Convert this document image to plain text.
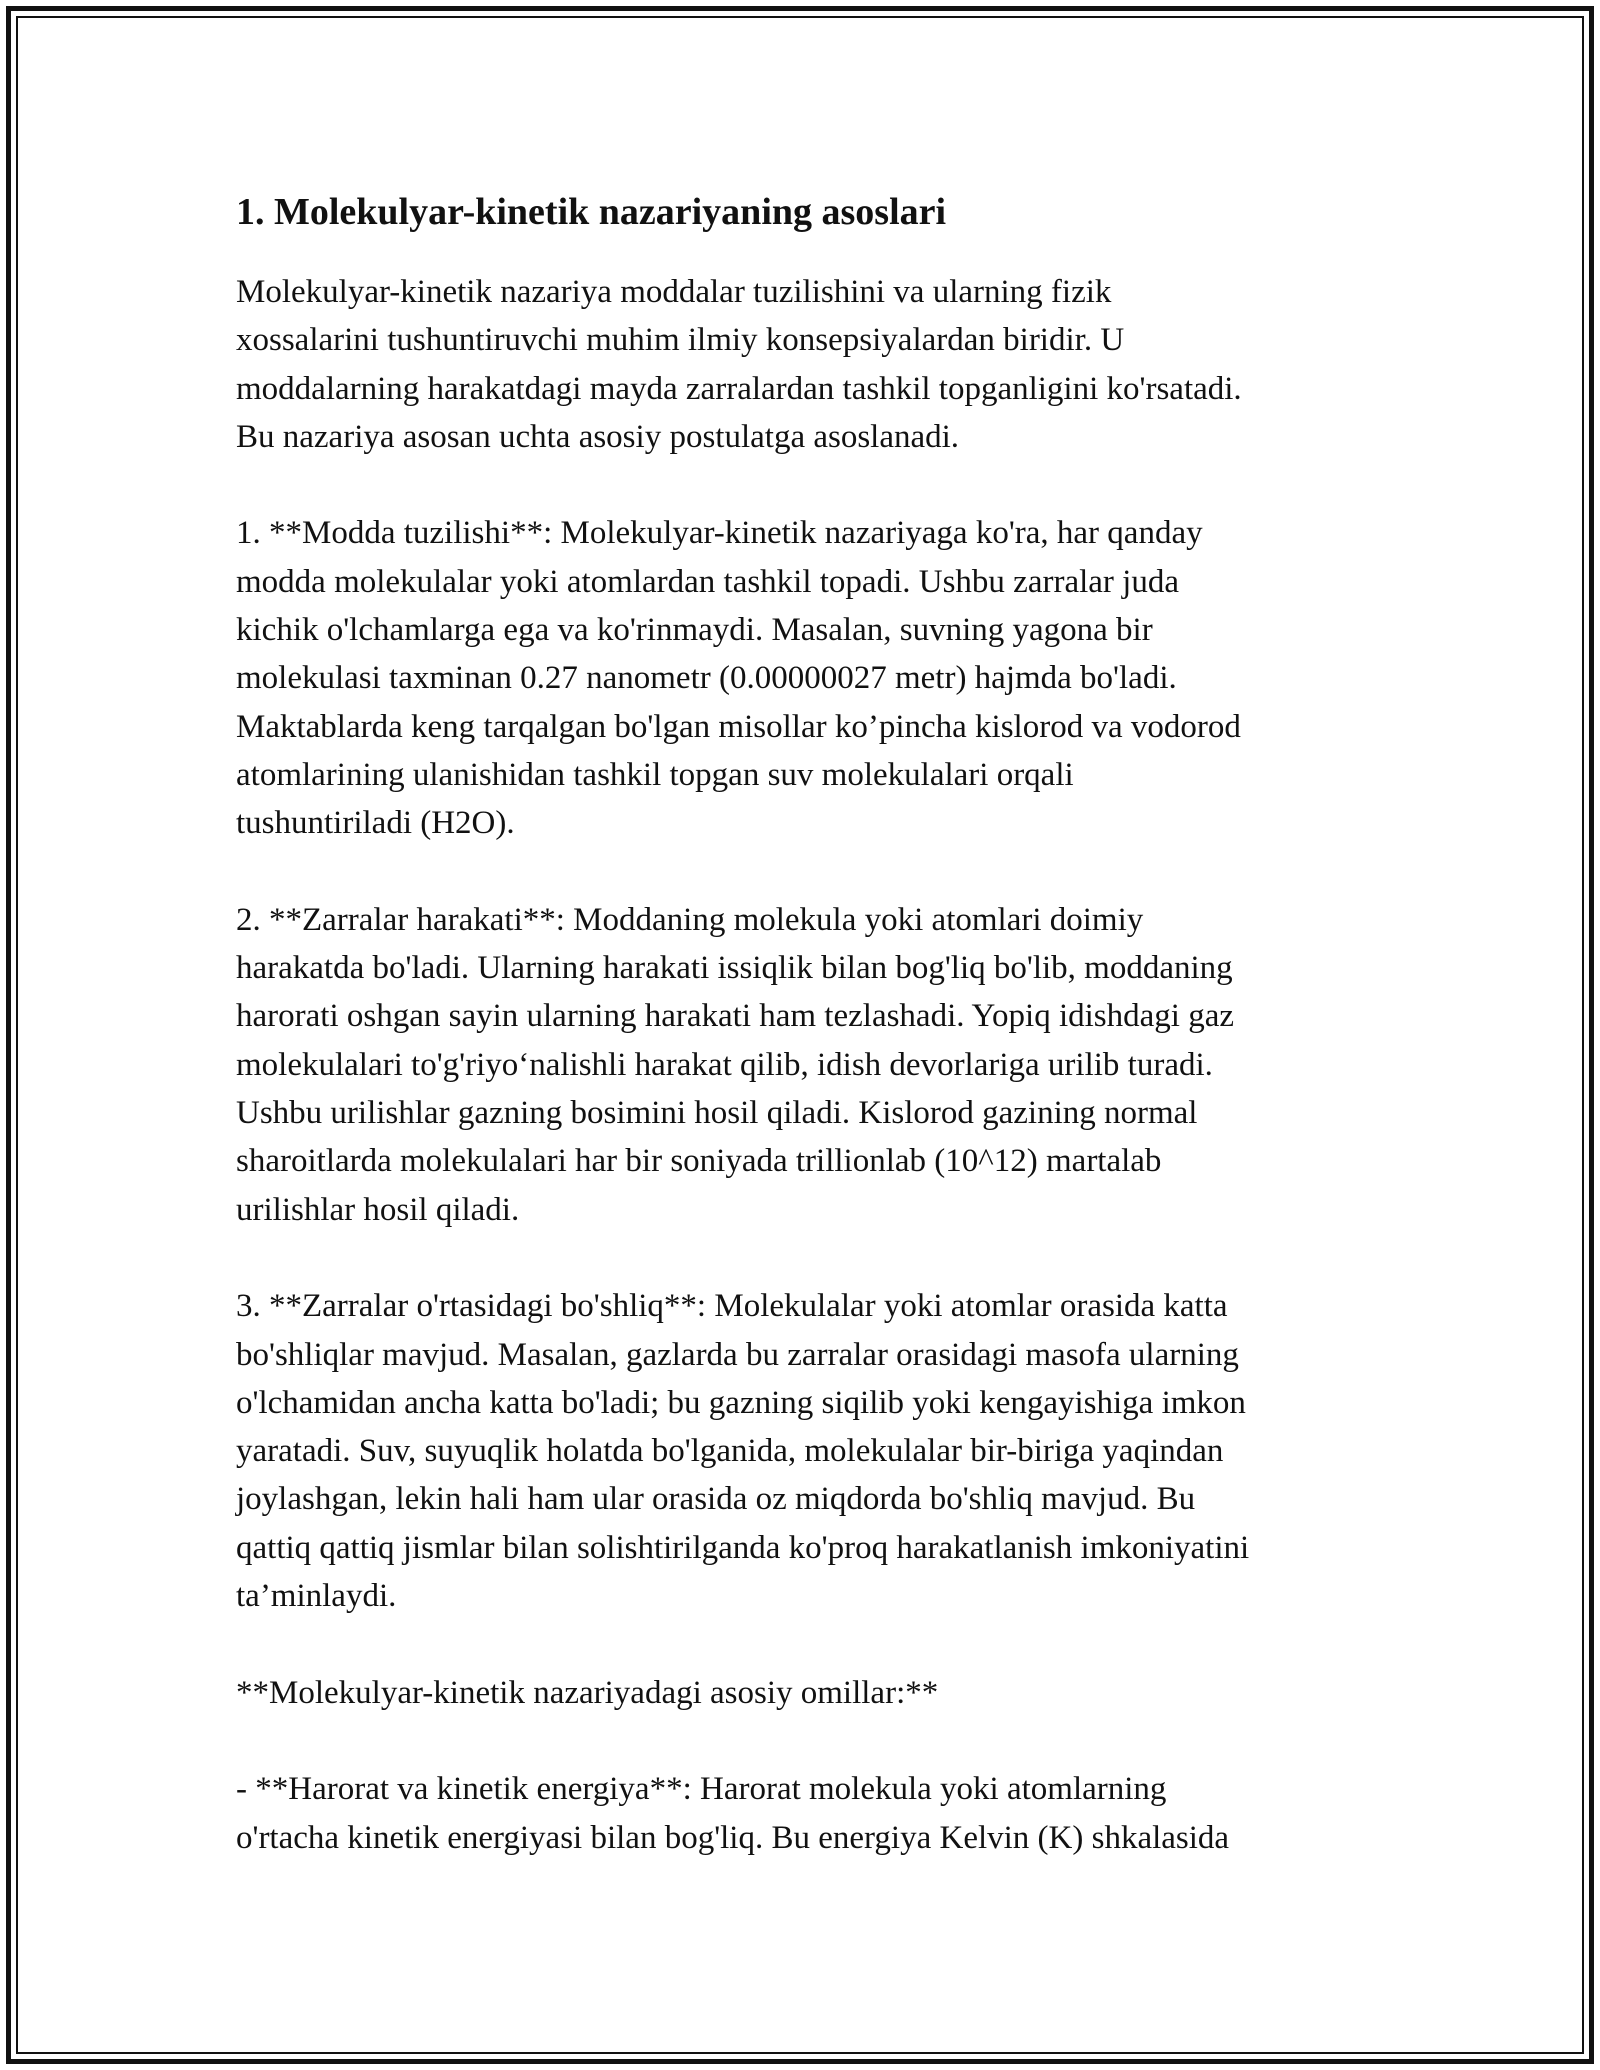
1. Molekulyar-kinetik nazariyaning asoslari

Molekulyar-kinetik nazariya moddalar tuzilishini va ularning fizik
xossalarini tushuntiruvchi muhim ilmiy konsepsiyalardan biridir. U
moddalarning harakatdagi mayda zarralardan tashkil topganligini ko'rsatadi.
Bu nazariya asosan uchta asosiy postulatga asoslanadi.

1. **Modda tuzilishi**: Molekulyar-kinetik nazariyaga ko'ra, har qanday
modda molekulalar yoki atomlardan tashkil topadi. Ushbu zarralar juda
kichik o'lchamlarga ega va ko'rinmaydi. Masalan, suvning yagona bir
molekulasi taxminan 0.27 nanometr (0.00000027 metr) hajmda bo'ladi.
Maktablarda keng tarqalgan bo'lgan misollar ko’pincha kislorod va vodorod
atomlarining ulanishidan tashkil topgan suv molekulalari orqali
tushuntiriladi (H2O).

2. **Zarralar harakati**: Moddaning molekula yoki atomlari doimiy
harakatda bo'ladi. Ularning harakati issiqlik bilan bog'liq bo'lib, moddaning
harorati oshgan sayin ularning harakati ham tezlashadi. Yopiq idishdagi gaz
molekulalari to'g'riyo‘nalishli harakat qilib, idish devorlariga urilib turadi.
Ushbu urilishlar gazning bosimini hosil qiladi. Kislorod gazining normal
sharoitlarda molekulalari har bir soniyada trillionlab (10^12) martalab
urilishlar hosil qiladi.

3. **Zarralar o'rtasidagi bo'shliq**: Molekulalar yoki atomlar orasida katta
bo'shliqlar mavjud. Masalan, gazlarda bu zarralar orasidagi masofa ularning
o'lchamidan ancha katta bo'ladi; bu gazning siqilib yoki kengayishiga imkon
yaratadi. Suv, suyuqlik holatda bo'lganida, molekulalar bir-biriga yaqindan
joylashgan, lekin hali ham ular orasida oz miqdorda bo'shliq mavjud. Bu
qattiq qattiq jismlar bilan solishtirilganda ko'proq harakatlanish imkoniyatini
ta’minlaydi.

**Molekulyar-kinetik nazariyadagi asosiy omillar:**

- **Harorat va kinetik energiya**: Harorat molekula yoki atomlarning
o'rtacha kinetik energiyasi bilan bog'liq. Bu energiya Kelvin (K) shkalasida
